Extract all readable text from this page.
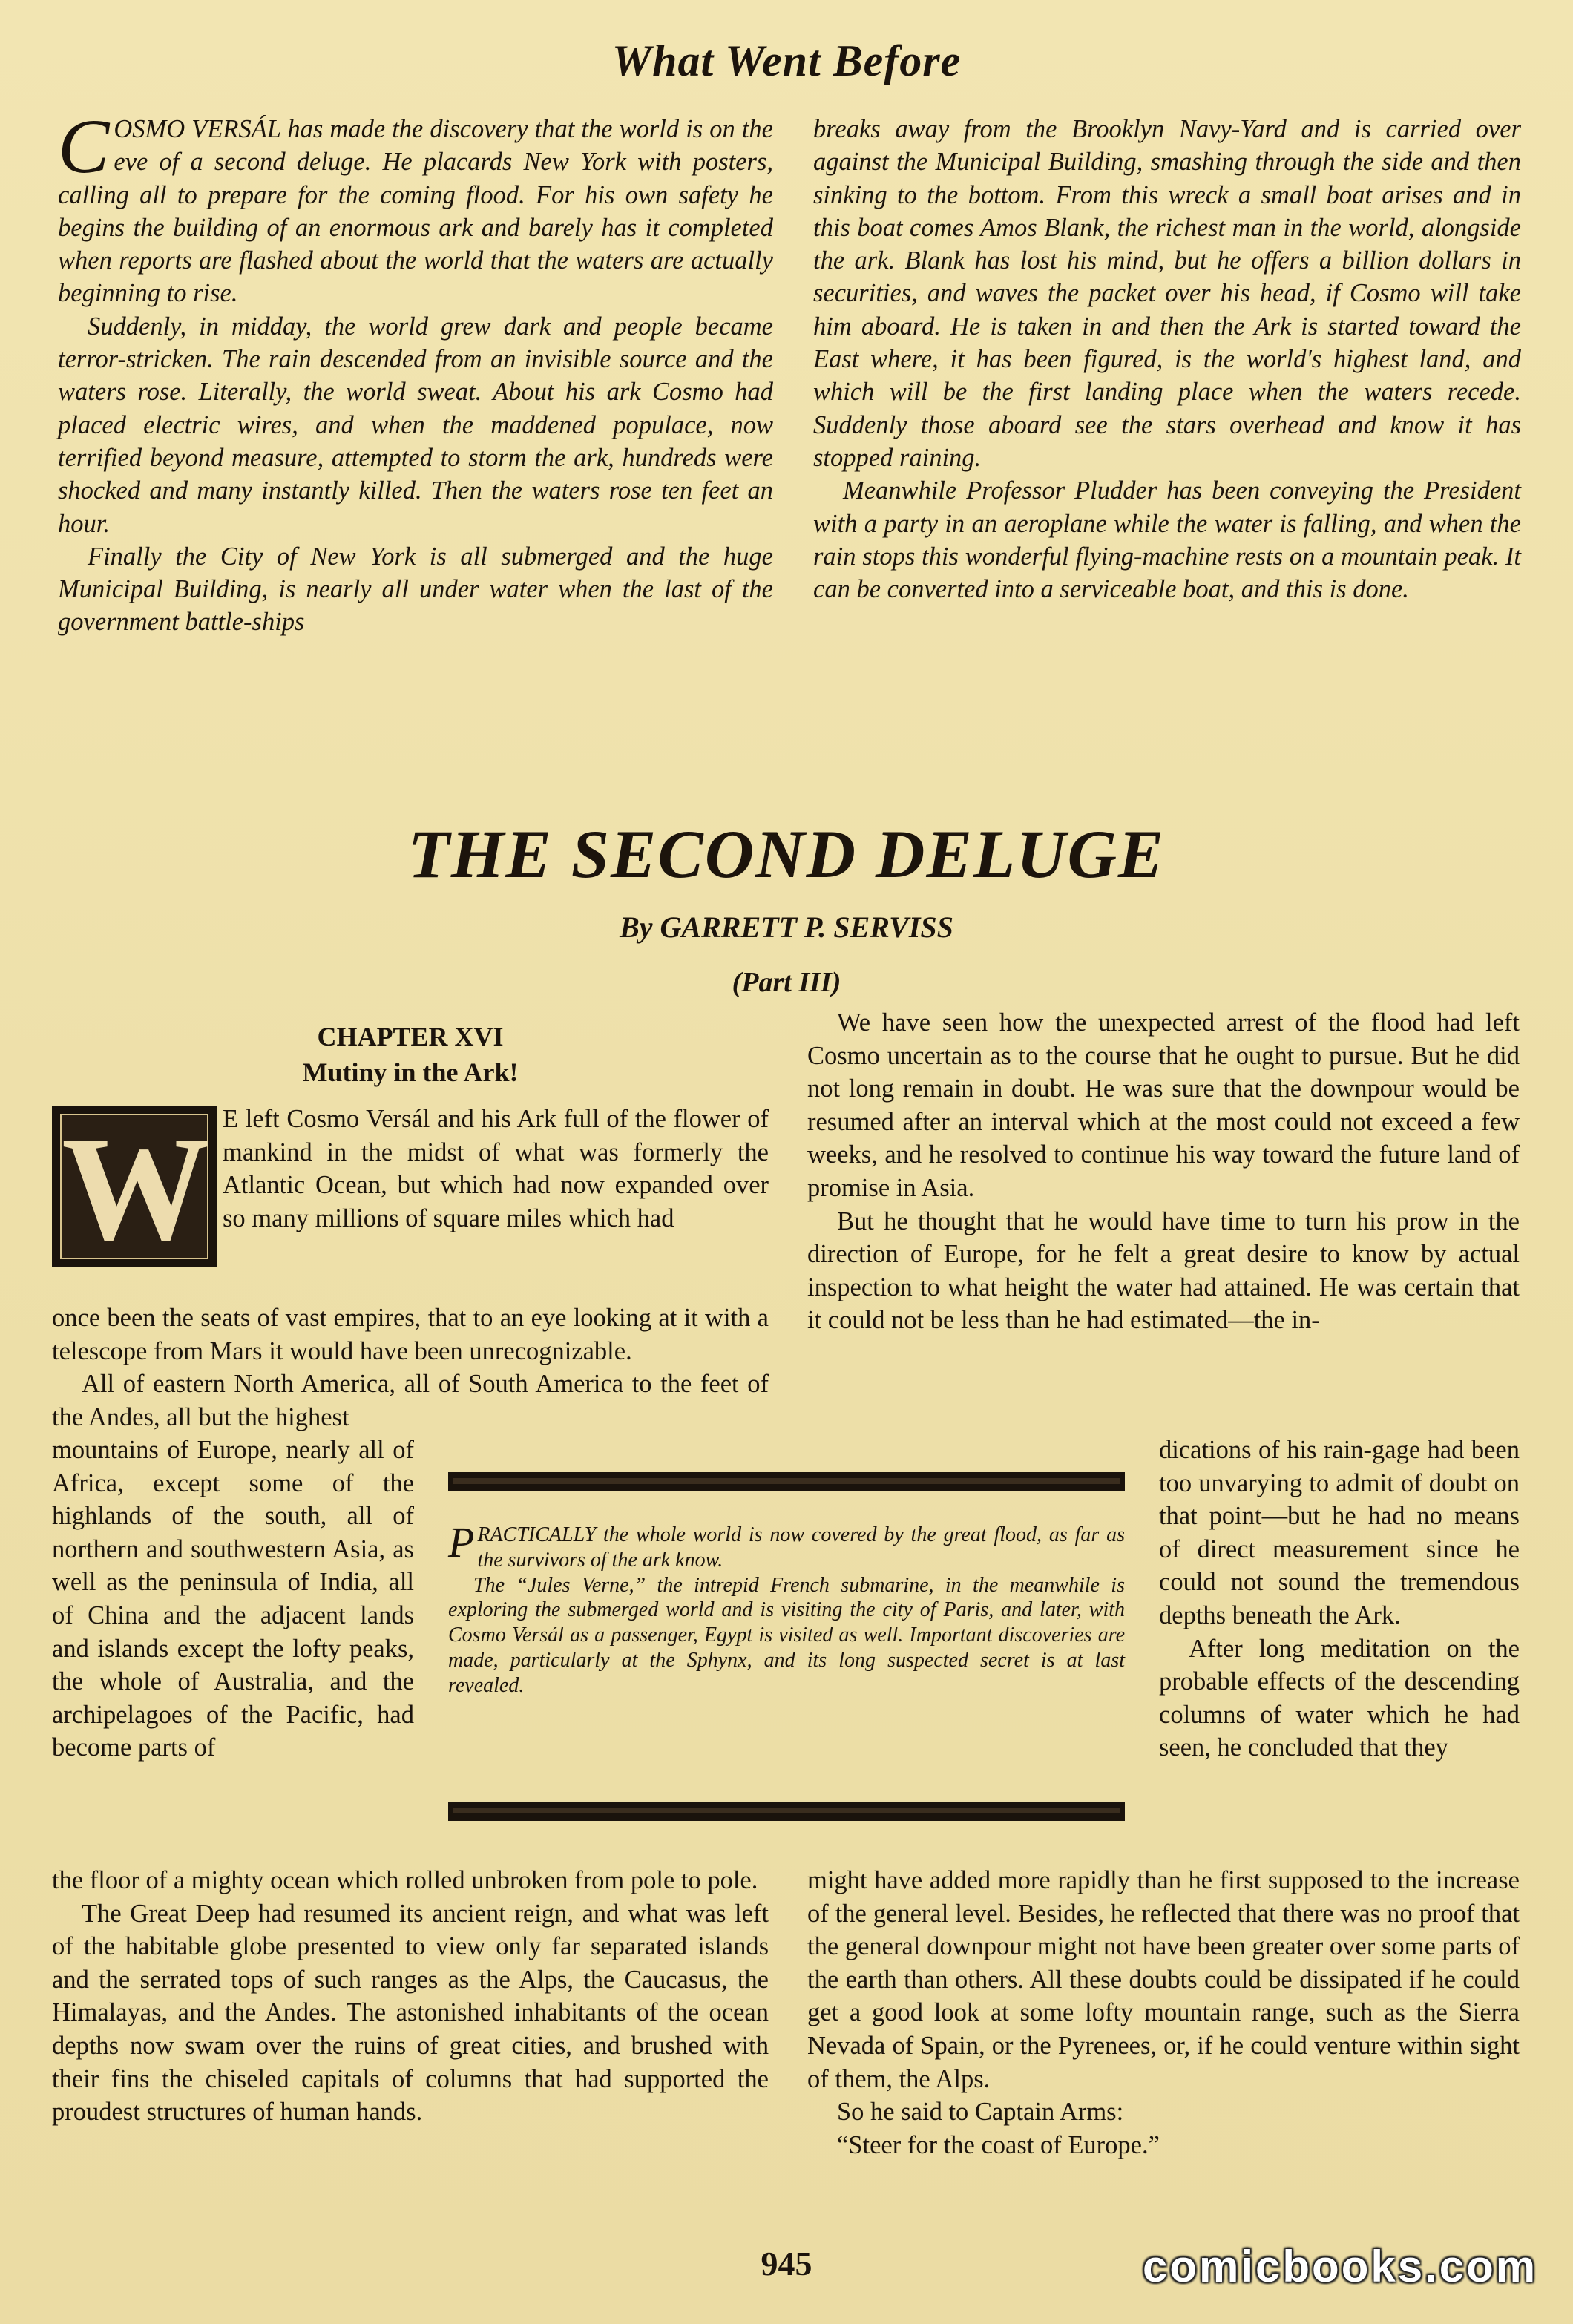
What Went Before

COSMO VERSÁL has made the discovery that the world is on the eve of a second deluge. He placards New York with posters, calling all to prepare for the coming flood. For his own safety he begins the building of an enormous ark and barely has it completed when reports are flashed about the world that the waters are actually beginning to rise.

Suddenly, in midday, the world grew dark and people became terror-stricken. The rain descended from an invisible source and the waters rose. Literally, the world sweat. About his ark Cosmo had placed electric wires, and when the maddened populace, now terrified beyond measure, attempted to storm the ark, hundreds were shocked and many instantly killed. Then the waters rose ten feet an hour.

Finally the City of New York is all submerged and the huge Municipal Building, is nearly all under water when the last of the government battle-ships

breaks away from the Brooklyn Navy-Yard and is carried over against the Municipal Building, smashing through the side and then sinking to the bottom. From this wreck a small boat arises and in this boat comes Amos Blank, the richest man in the world, alongside the ark. Blank has lost his mind, but he offers a billion dollars in securities, and waves the packet over his head, if Cosmo will take him aboard. He is taken in and then the Ark is started toward the East where, it has been figured, is the world's highest land, and which will be the first landing place when the waters recede. Suddenly those aboard see the stars overhead and know it has stopped raining.

Meanwhile Professor Pludder has been conveying the President with a party in an aeroplane while the water is falling, and when the rain stops this wonderful flying-machine rests on a mountain peak. It can be converted into a serviceable boat, and this is done.

THE SECOND DELUGE
By GARRETT P. SERVISS
(Part III)
CHAPTER XVI
Mutiny in the Ark!
W E left Cosmo Versál and his Ark full of the flower of mankind in the midst of what was formerly the Atlantic Ocean, but which had now expanded over so many millions of square miles which had

once been the seats of vast empires, that to an eye looking at it with a telescope from Mars it would have been unrecognizable.

All of eastern North America, all of South America to the feet of the Andes, all but the highest

mountains of Europe, nearly all of Africa, except some of the highlands of the south, all of northern and southwestern Asia, as well as the peninsula of India, all of China and the adjacent lands and islands except the lofty peaks, the whole of Australia, and the archipelagoes of the Pacific, had become parts of

the floor of a mighty ocean which rolled unbroken from pole to pole.

The Great Deep had resumed its ancient reign, and what was left of the habitable globe presented to view only far separated islands and the serrated tops of such ranges as the Alps, the Caucasus, the Himalayas, and the Andes. The astonished inhabitants of the ocean depths now swam over the ruins of great cities, and brushed with their fins the chiseled capitals of columns that had supported the proudest structures of human hands.

We have seen how the unexpected arrest of the flood had left Cosmo uncertain as to the course that he ought to pursue. But he did not long remain in doubt. He was sure that the downpour would be resumed after an interval which at the most could not exceed a few weeks, and he resolved to continue his way toward the future land of promise in Asia.

But he thought that he would have time to turn his prow in the direction of Europe, for he felt a great desire to know by actual inspection to what height the water had attained. He was certain that it could not be less than he had estimated—the in-

dications of his rain-gage had been too unvarying to admit of doubt on that point—but he had no means of direct measurement since he could not sound the tremendous depths beneath the Ark.

After long meditation on the probable effects of the descending columns of water which he had seen, he concluded that they

might have added more rapidly than he first supposed to the increase of the general level. Besides, he reflected that there was no proof that the general downpour might not have been greater over some parts of the earth than others. All these doubts could be dissipated if he could get a good look at some lofty mountain range, such as the Sierra Nevada of Spain, or the Pyrenees, or, if he could venture within sight of them, the Alps.

So he said to Captain Arms:

“Steer for the coast of Europe.”

PRACTICALLY the whole world is now covered by the great flood, as far as the survivors of the ark know.

The “Jules Verne,” the intrepid French submarine, in the meanwhile is exploring the submerged world and is visiting the city of Paris, and later, with Cosmo Versál as a passenger, Egypt is visited as well. Important discoveries are made, particularly at the Sphynx, and its long suspected secret is at last revealed.

945	comicbooks.com
